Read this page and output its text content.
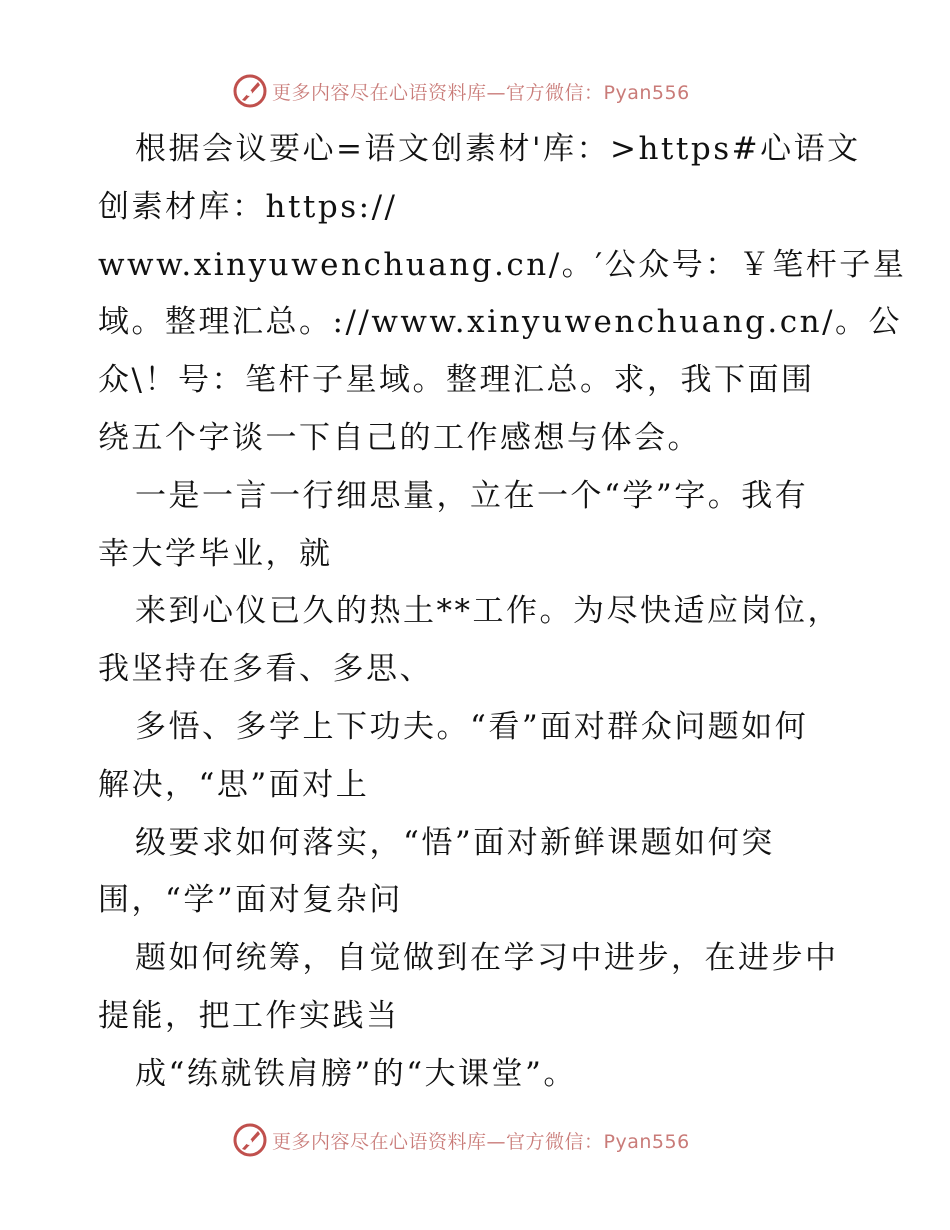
更多内容尽在心语资料库—官方微信：Pyan556
根据会议要心=语文创素材'库：>https#心语文
创素材库：https://
www.xinyuwenchuang.cn/。′公众号：￥笔杆子星
域。整理汇总。://www.xinyuwenchuang.cn/。公
众\！号：笔杆子星域。整理汇总。求，我下面围
绕五个字谈一下自己的工作感想与体会。
一是一言一行细思量，立在一个“学”字。我有
幸大学毕业，就
来到心仪已久的热土**工作。为尽快适应岗位，
我坚持在多看、多思、
多悟、多学上下功夫。“看”面对群众问题如何
解决，“思”面对上
级要求如何落实，“悟”面对新鲜课题如何突
围，“学”面对复杂问
题如何统筹，自觉做到在学习中进步，在进步中
提能，把工作实践当
成“练就铁肩膀”的“大课堂”。
更多内容尽在心语资料库—官方微信：Pyan556
